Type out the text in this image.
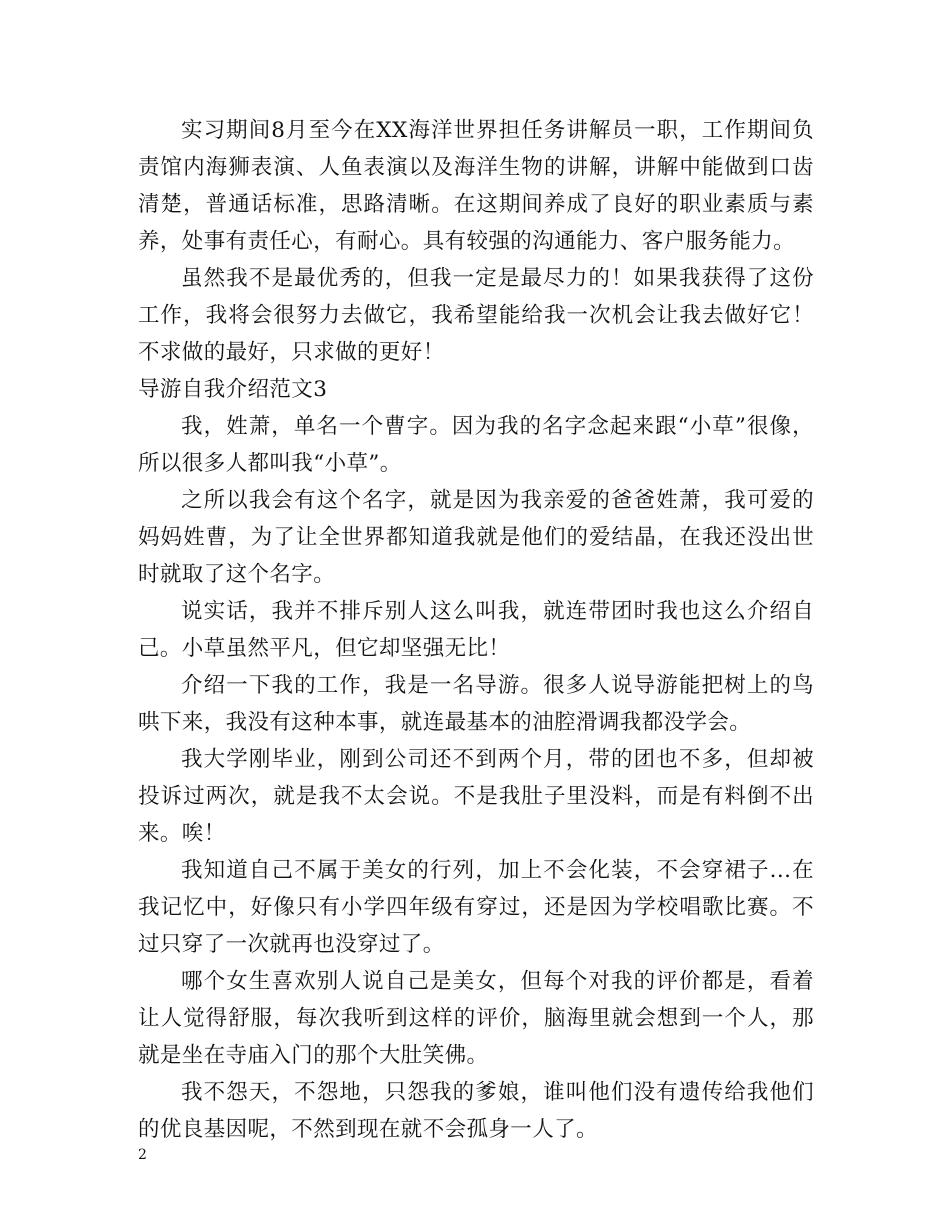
实习期间8月至今在XX海洋世界担任务讲解员一职，工作期间负责馆内海狮表演、人鱼表演以及海洋生物的讲解，讲解中能做到口齿清楚，普通话标准，思路清晰。在这期间养成了良好的职业素质与素养，处事有责任心，有耐心。具有较强的沟通能力、客户服务能力。

虽然我不是最优秀的，但我一定是最尽力的！如果我获得了这份工作，我将会很努力去做它，我希望能给我一次机会让我去做好它！不求做的最好，只求做的更好！

导游自我介绍范文3

我，姓萧，单名一个曹字。因为我的名字念起来跟“小草”很像，所以很多人都叫我“小草”。

之所以我会有这个名字，就是因为我亲爱的爸爸姓萧，我可爱的妈妈姓曹，为了让全世界都知道我就是他们的爱结晶，在我还没出世时就取了这个名字。

说实话，我并不排斥别人这么叫我，就连带团时我也这么介绍自己。小草虽然平凡，但它却坚强无比！

介绍一下我的工作，我是一名导游。很多人说导游能把树上的鸟哄下来，我没有这种本事，就连最基本的油腔滑调我都没学会。

我大学刚毕业，刚到公司还不到两个月，带的团也不多，但却被投诉过两次，就是我不太会说。不是我肚子里没料，而是有料倒不出来。唉！

我知道自己不属于美女的行列，加上不会化装，不会穿裙子...在我记忆中，好像只有小学四年级有穿过，还是因为学校唱歌比赛。不过只穿了一次就再也没穿过了。

哪个女生喜欢别人说自己是美女，但每个对我的评价都是，看着让人觉得舒服，每次我听到这样的评价，脑海里就会想到一个人，那就是坐在寺庙入门的那个大肚笑佛。

我不怨天，不怨地，只怨我的爹娘，谁叫他们没有遗传给我他们的优良基因呢，不然到现在就不会孤身一人了。

2
